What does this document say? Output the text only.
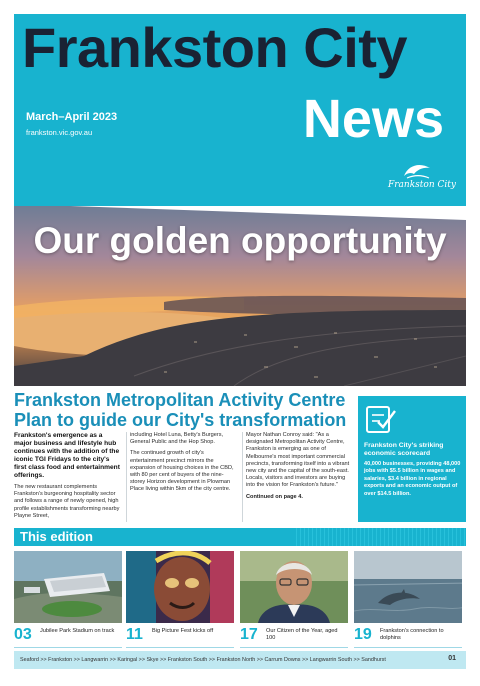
Frankston City
March–April 2023
frankston.vic.gov.au	News
Frankston City
Our golden opportunity
Frankston Metropolitan Activity Centre Plan to guide our City's transformation

Frankston's emergence as a major business and lifestyle hub continues with the addition of the iconic TGI Fridays to the city's first class food and entertainment offerings.

The new restaurant complements Frankston's burgeoning hospitality sector and follows a range of newly opened, high profile establishments transforming nearby Playne Street,

including Hotel Luna, Betty's Burgers, General Public and the Hop Shop.

The continued growth of city's entertainment precinct mirrors the expansion of housing choices in the CBD, with 80 per cent of buyers of the nine-storey Horizon development in Plowman Place living within 5km of the city centre.

Mayor Nathan Conroy said: "As a designated Metropolitan Activity Centre, Frankston is emerging as one of Melbourne's most important commercial precincts, transforming itself into a vibrant new city and the capital of the south-east. Locals, visitors and investors are buying into the vision for Frankston's future."

Continued on page 4.

Frankston City's striking economic scorecard
40,000 businesses, providing 48,000 jobs with $5.5 billion in wages and salaries, $3.4 billion in regional exports and an economic output of over $14.5 billion.
This edition
03 Jubilee Park Stadium on track 11 Big Picture Fest kicks off	17 Our Citizen of the Year, aged 100	19 Frankston's connection to dolphins
Seaford >> Frankston >> Langwarrin >> Karingal >> Skye >> Frankston South >> Frankston North >> Carrum Downs >> Langwarrin South >> Sandhurst	01
